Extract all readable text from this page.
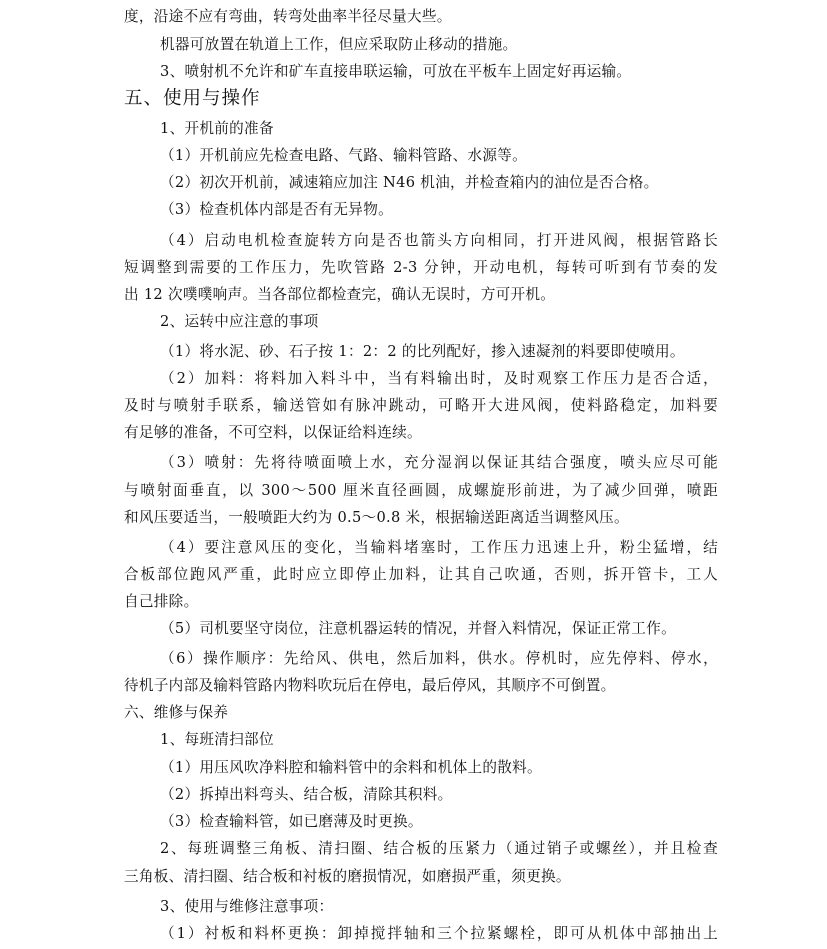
度，沿途不应有弯曲，转弯处曲率半径尽量大些。
机器可放置在轨道上工作，但应采取防止移动的措施。
3、喷射机不允许和矿车直接串联运输，可放在平板车上固定好再运输。
五、使用与操作
1、开机前的准备
（1）开机前应先检查电路、气路、输料管路、水源等。
（2）初次开机前，减速箱应加注 N46 机油，并检查箱内的油位是否合格。
（3）检查机体内部是否有无异物。
（4）启动电机检查旋转方向是否也箭头方向相同，打开进风阀，根据管路长
短调整到需要的工作压力，先吹管路 2-3 分钟，开动电机，每转可听到有节奏的发
出 12 次噗噗响声。当各部位都检查完，确认无误时，方可开机。
2、运转中应注意的事项
（1）将水泥、砂、石子按 1：2：2 的比列配好，掺入速凝剂的料要即使喷用。
（2）加料：将料加入料斗中，当有料输出时，及时观察工作压力是否合适，
及时与喷射手联系，输送管如有脉冲跳动，可略开大进风阀，使料路稳定，加料要
有足够的准备，不可空料，以保证给料连续。
（3）喷射：先将待喷面喷上水，充分湿润以保证其结合强度，喷头应尽可能
与喷射面垂直，以 300～500 厘米直径画圆，成螺旋形前进，为了减少回弹，喷距
和风压要适当，一般喷距大约为 0.5～0.8 米，根据输送距离适当调整风压。
（4）要注意风压的变化，当输料堵塞时，工作压力迅速上升，粉尘猛增，结
合板部位跑风严重，此时应立即停止加料，让其自己吹通，否则，拆开管卡，工人
自己排除。
（5）司机要坚守岗位，注意机器运转的情况，并督入料情况，保证正常工作。
（6）操作顺序：先给风、供电，然后加料，供水。停机时，应先停料、停水，
待机子内部及输料管路内物料吹玩后在停电，最后停风，其顺序不可倒置。
六、维修与保养
1、每班清扫部位
（1）用压风吹净料腔和输料管中的余料和机体上的散料。
（2）拆掉出料弯头、结合板，清除其积料。
（3）检查输料管，如已磨薄及时更换。
2、每班调整三角板、清扫圈、结合板的压紧力（通过销子或螺丝），并且检查
三角板、清扫圈、结合板和衬板的磨损情况，如磨损严重，须更换。
3、使用与维修注意事项：
（1）衬板和料杯更换：卸掉搅拌轴和三个拉紧螺栓，即可从机体中部抽出上
